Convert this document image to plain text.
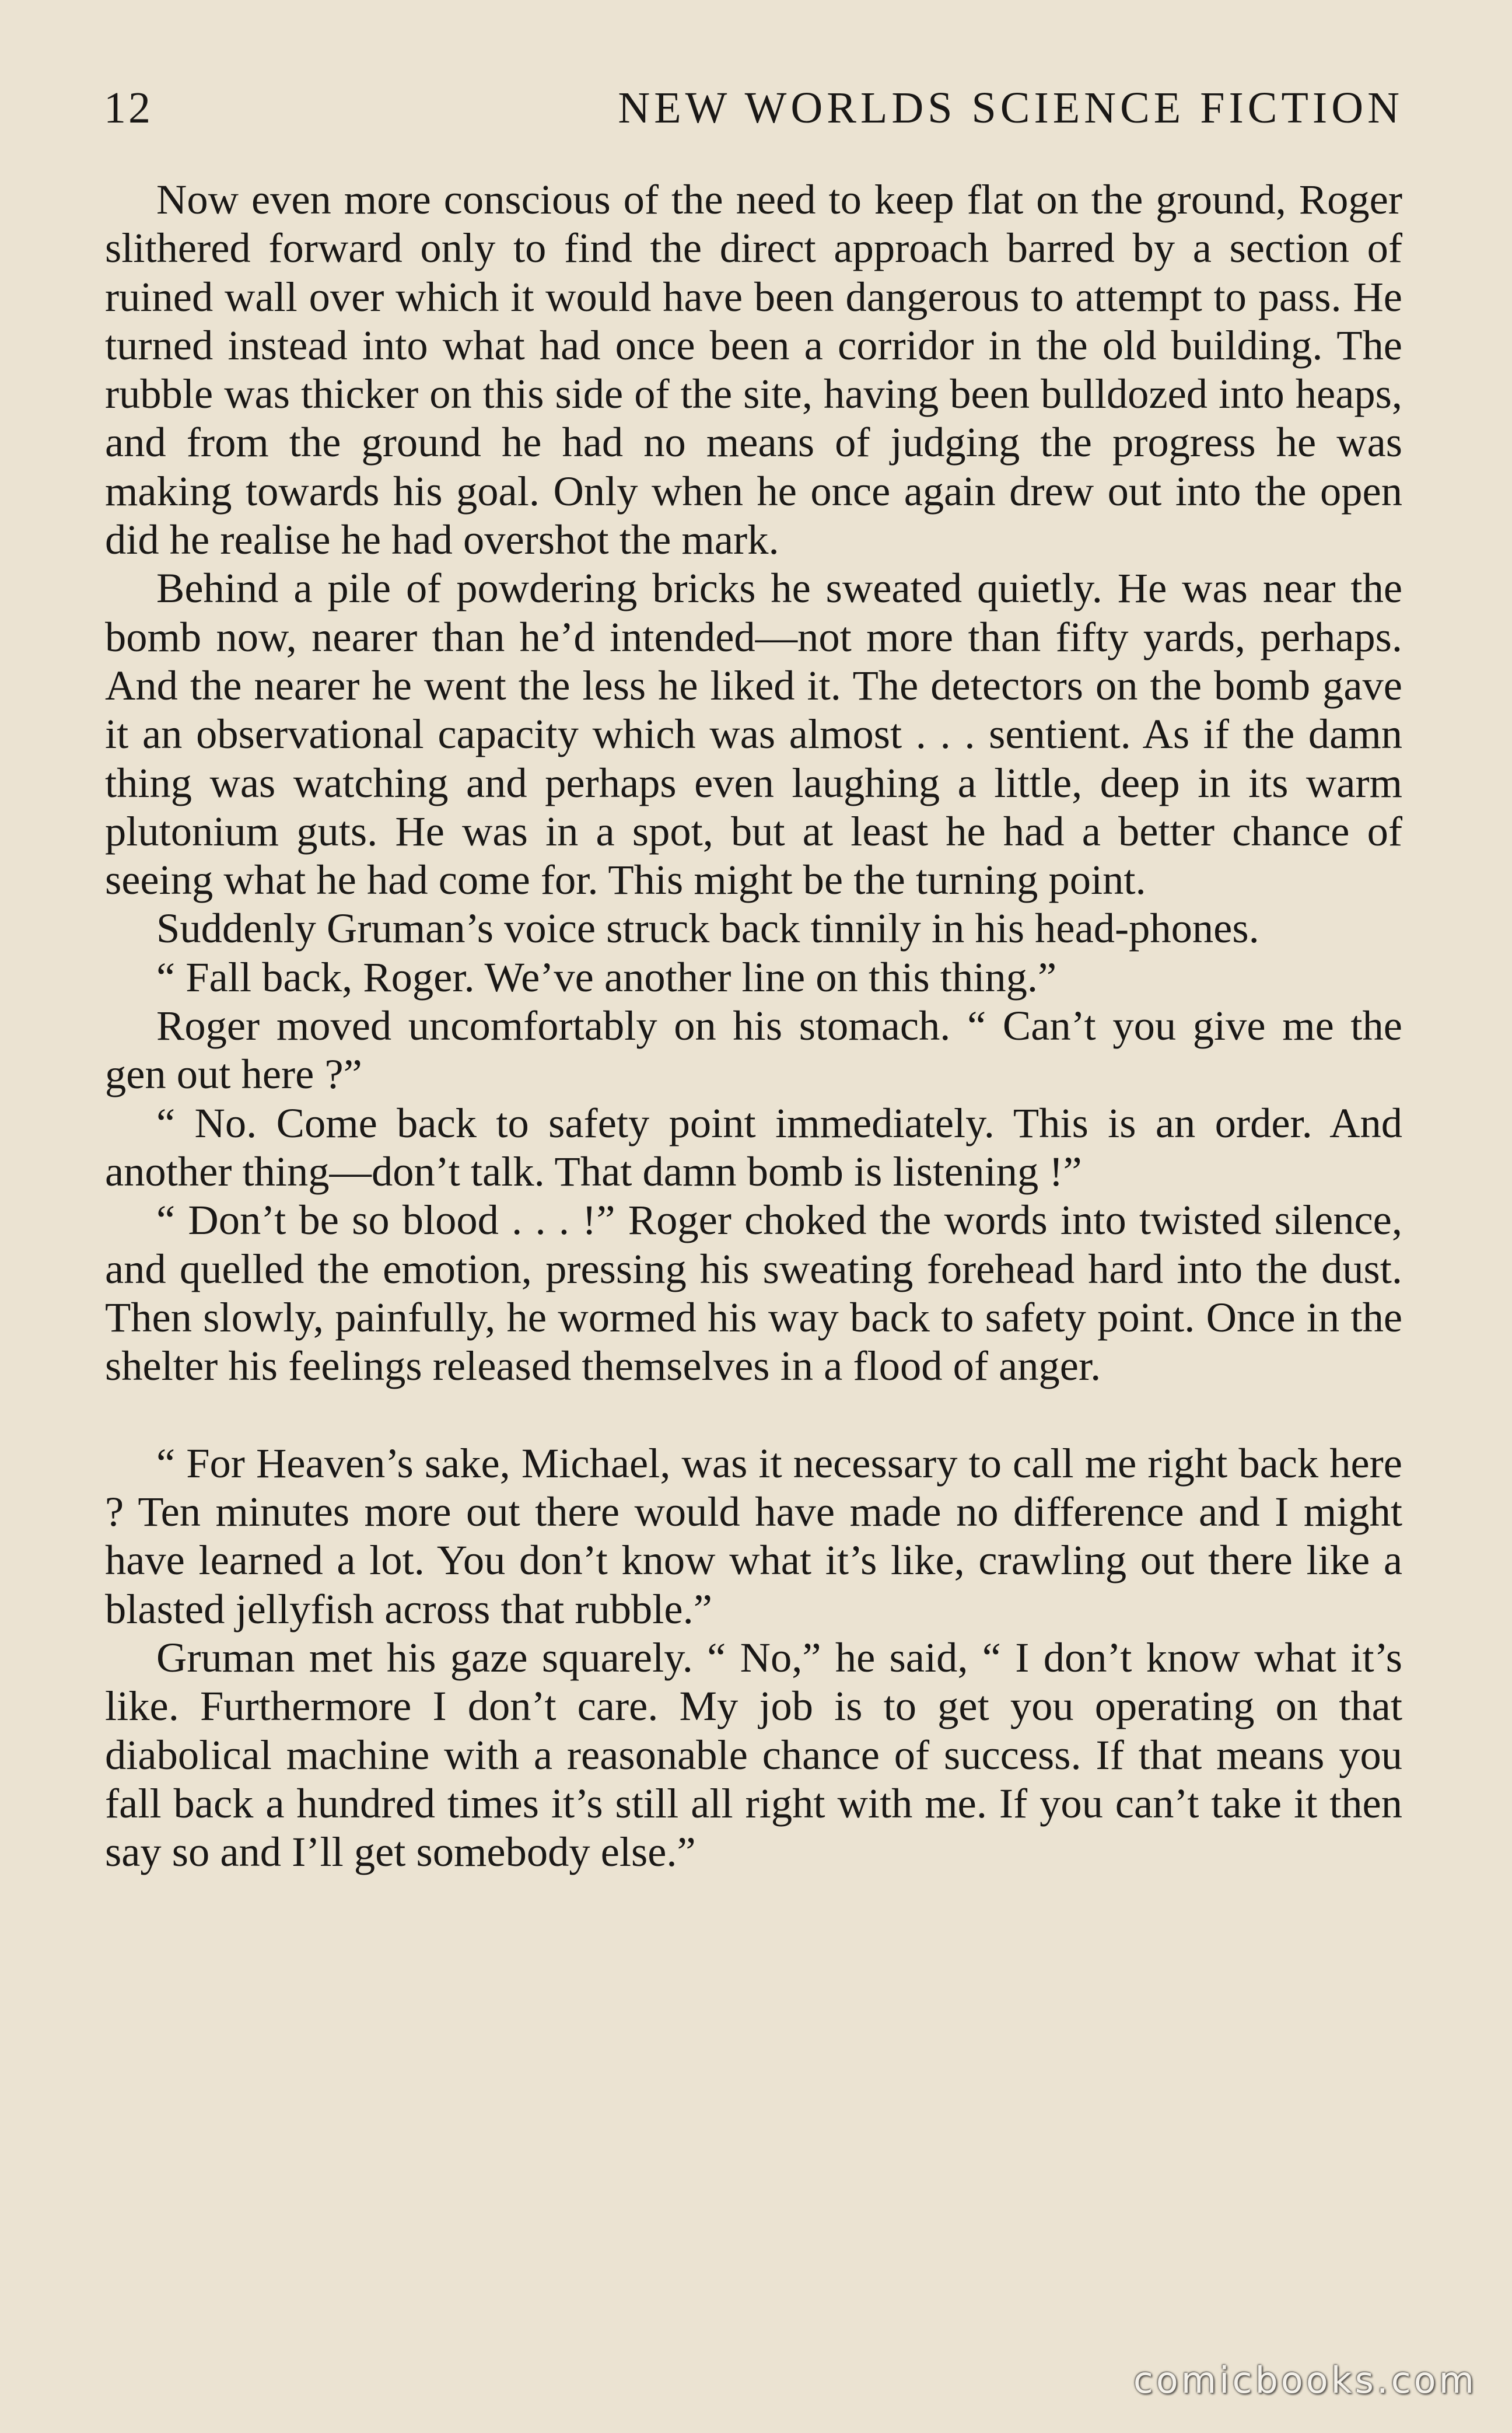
12	NEW WORLDS SCIENCE FICTION

Now even more conscious of the need to keep flat on the ground, Roger slithered forward only to find the direct approach barred by a section of ruined wall over which it would have been dangerous to attempt to pass. He turned instead into what had once been a corridor in the old building. The rubble was thicker on this side of the site, having been bulldozed into heaps, and from the ground he had no means of judging the progress he was making towards his goal. Only when he once again drew out into the open did he realise he had overshot the mark.

Behind a pile of powdering bricks he sweated quietly. He was near the bomb now, nearer than he’d intended—not more than fifty yards, perhaps. And the nearer he went the less he liked it. The detectors on the bomb gave it an observational capacity which was almost . . . sentient. As if the damn thing was watching and perhaps even laughing a little, deep in its warm plutonium guts. He was in a spot, but at least he had a better chance of seeing what he had come for. This might be the turning point.

Suddenly Gruman’s voice struck back tinnily in his head-phones.

“ Fall back, Roger. We’ve another line on this thing.”

Roger moved uncomfortably on his stomach. “ Can’t you give me the gen out here ?”

“ No. Come back to safety point immediately. This is an order. And another thing—don’t talk. That damn bomb is listening !”

“ Don’t be so blood . . . !” Roger choked the words into twisted silence, and quelled the emotion, pressing his sweating forehead hard into the dust. Then slowly, painfully, he wormed his way back to safety point. Once in the shelter his feelings released themselves in a flood of anger.

“ For Heaven’s sake, Michael, was it necessary to call me right back here ? Ten minutes more out there would have made no difference and I might have learned a lot. You don’t know what it’s like, crawling out there like a blasted jellyfish across that rubble.”

Gruman met his gaze squarely. “ No,” he said, “ I don’t know what it’s like. Furthermore I don’t care. My job is to get you operating on that diabolical machine with a reasonable chance of success. If that means you fall back a hundred times it’s still all right with me. If you can’t take it then say so and I’ll get somebody else.”

comicbooks.com
